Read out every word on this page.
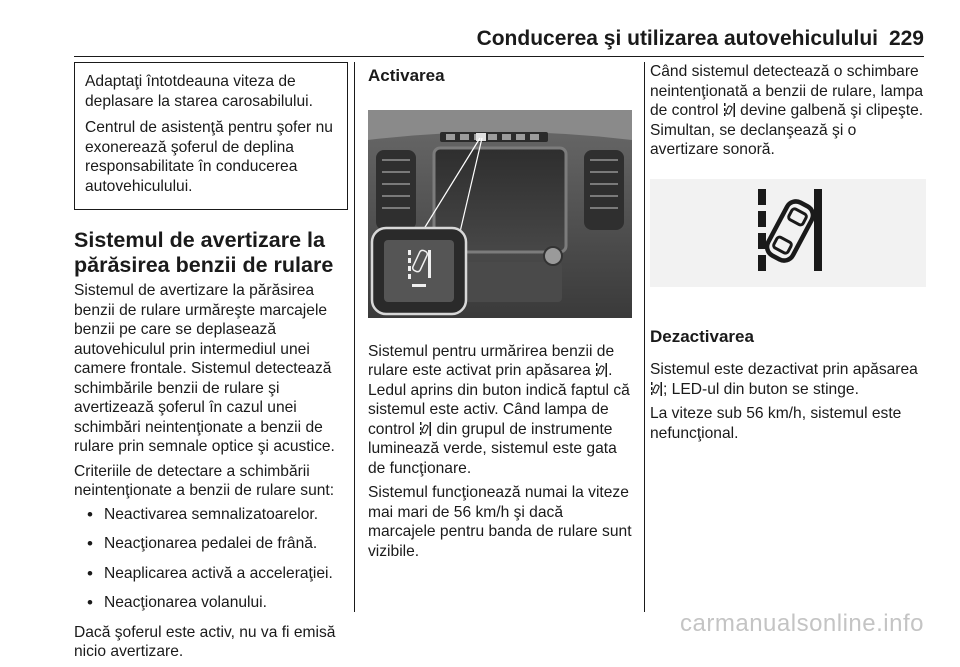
Conducerea şi utilizarea autovehiculului 229

Adaptaţi întotdeauna viteza de deplasare la starea carosabilului.

Centrul de asistenţă pentru şofer nu exonerează şoferul de deplina responsabilitate în conducerea autovehiculului.

Sistemul de avertizare la părăsirea benzii de rulare

Sistemul de avertizare la părăsirea benzii de rulare urmăreşte marcajele benzii pe care se deplasează autovehiculul prin intermediul unei camere frontale. Sistemul detectează schimbările benzii de rulare şi avertizează şoferul în cazul unei schimbări neintenţionate a benzii de rulare prin semnale optice şi acustice.

Criteriile de detectare a schimbării neintenţionate a benzii de rulare sunt:

• Neactivarea semnalizatoarelor.
• Neacţionarea pedalei de frână.
• Neaplicarea activă a acceleraţiei.
• Neacţionarea volanului.

Dacă şoferul este activ, nu va fi emisă nicio avertizare.

Activarea

Sistemul pentru urmărirea benzii de rulare este activat prin apăsarea . Ledul aprins din buton indică faptul că sistemul este activ. Când lampa de control din grupul de instrumente luminează verde, sistemul este gata de funcţionare.

Sistemul funcţionează numai la viteze mai mari de 56 km/h şi dacă marcajele pentru banda de rulare sunt vizibile.

Când sistemul detectează o schimbare neintenţionată a benzii de rulare, lampa de control devine galbenă şi clipeşte. Simultan, se declanşează şi o avertizare sonoră.

Dezactivarea

Sistemul este dezactivat prin apăsarea ; LED-ul din buton se stinge.

La viteze sub 56 km/h, sistemul este nefuncţional.

carmanualsonline.info
